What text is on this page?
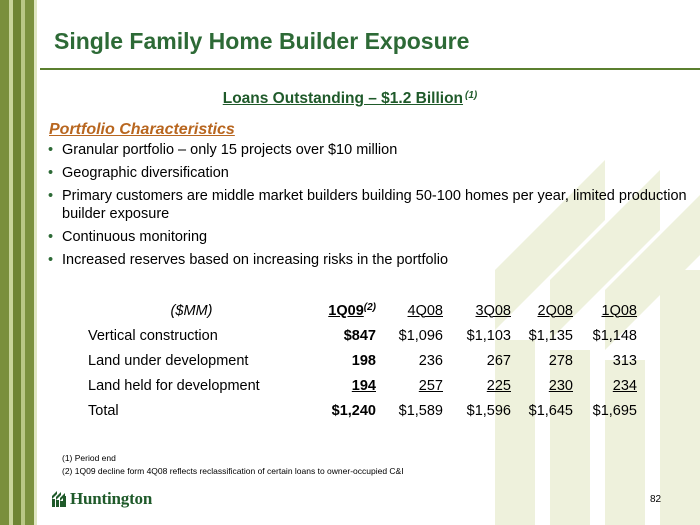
Single Family Home Builder Exposure
Loans Outstanding – $1.2 Billion $^{(1)}$
Portfolio Characteristics
• Granular portfolio – only 15 projects over $10 million
• Geographic diversification
• Primary customers are middle market builders building 50-100 homes per year, limited production builder exposure
• Continuous monitoring
• Increased reserves based on increasing risks in the portfolio
($MM)	1Q09$^{(2)}$	4Q08	3Q08	2Q08	1Q08
Vertical construction	$847	$1,096	$1,103	$1,135	$1,148
Land under development	198	236	267	278	313
Land held for development	194	257	225	230	234
Total	$1,240	$1,589	$1,596	$1,645	$1,695
(1) Period end
(2) 1Q09 decline form 4Q08 reflects reclassification of certain loans to owner-occupied C&I
Huntington	82
